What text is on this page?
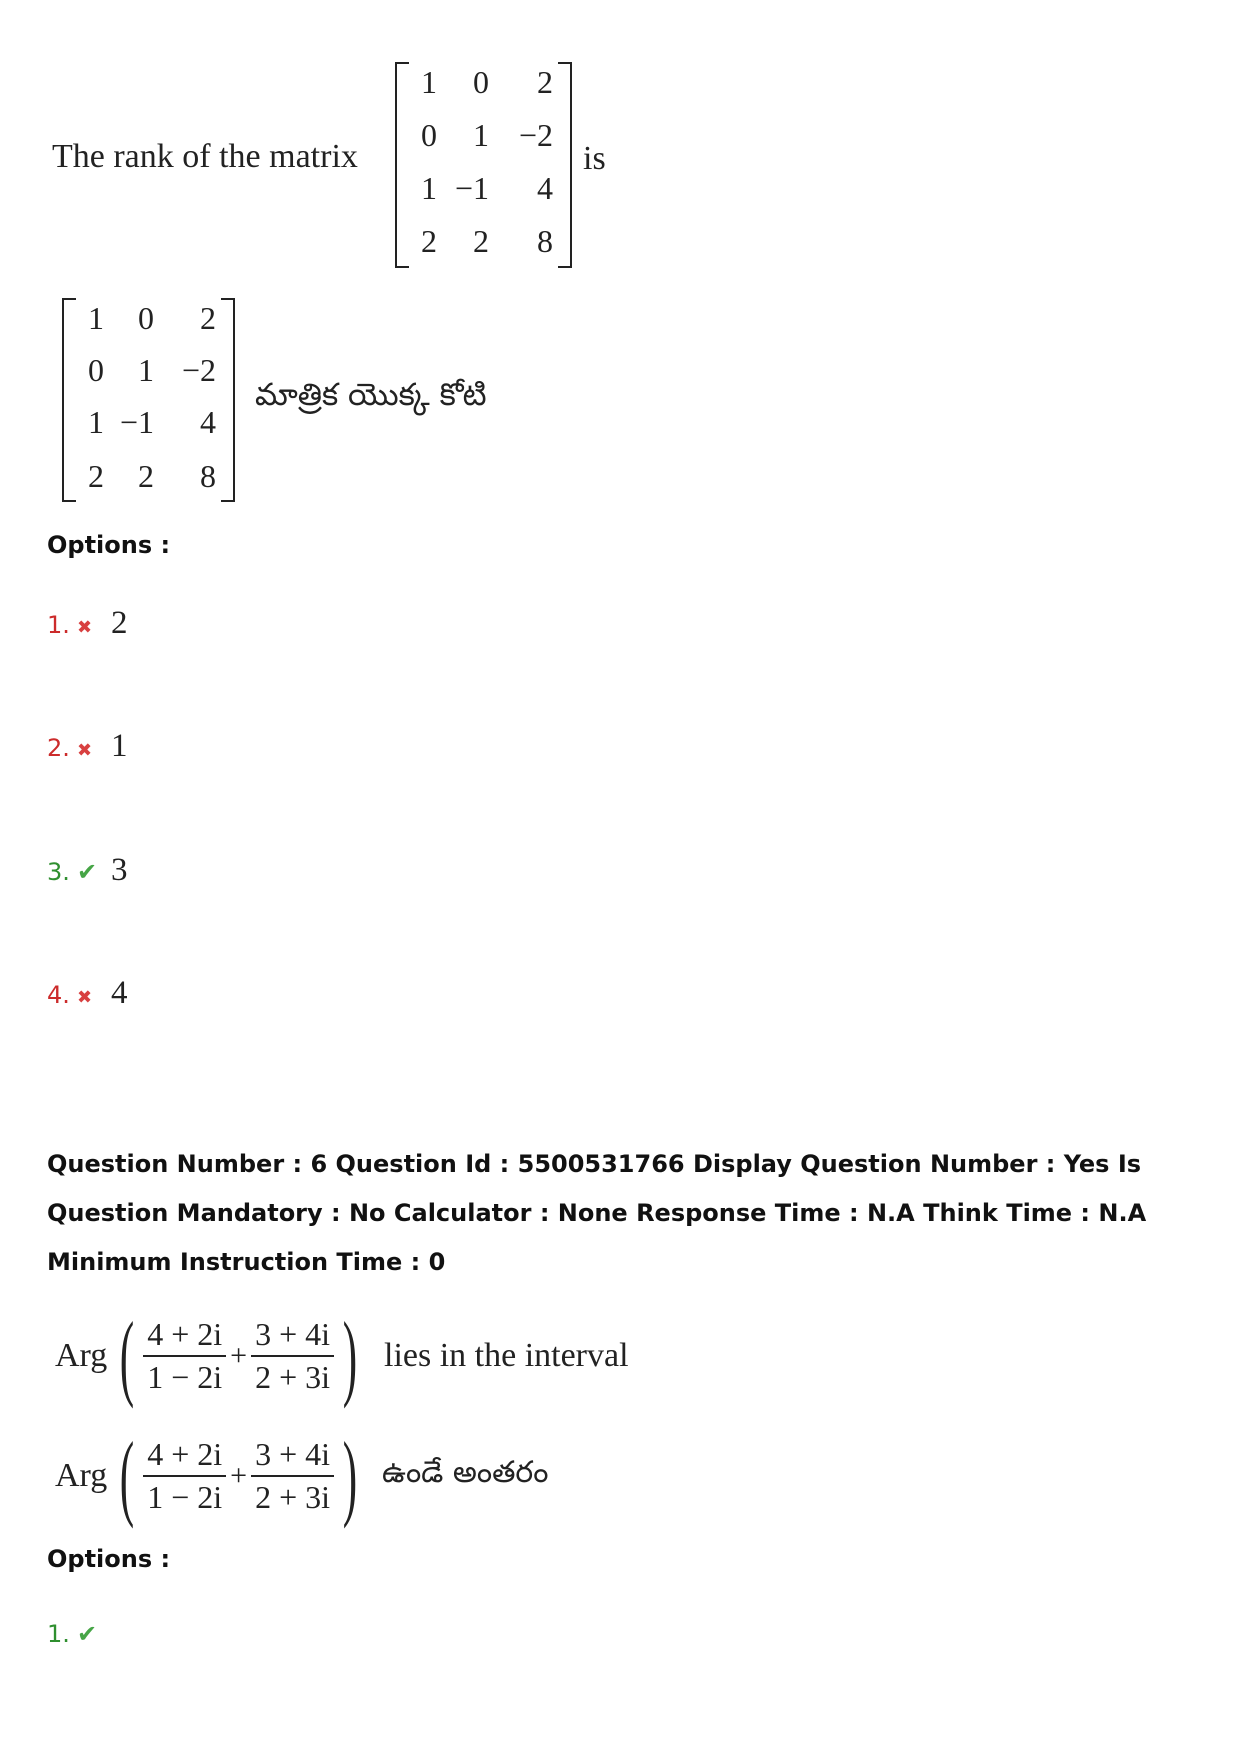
The rank of the matrix
1	0	2
0	1 −2
1 −1	4
2	2	8
is
1	0	2
0	1 −2
1 −1	4
2	2	8
మాత్రిక యొక్క కోటి
Options :
1. ✖ 2
2. ✖ 1
3. ✔ 3
4. ✖ 4
Question Number : 6 Question Id : 5500531766 Display Question Number : Yes Is Question Mandatory : No Calculator : None Response Time : N.A Think Time : N.A Minimum Instruction Time : 0
Arg ( $\frac{4 + 2i}{1 - 2i} + \frac{3 + 4i}{2 + 3i}$ ) lies in the interval
Arg ( $\frac{4 + 2i}{1 - 2i} + \frac{3 + 4i}{2 + 3i}$ ) ఉండే అంతరం
Options :
1. ✔
